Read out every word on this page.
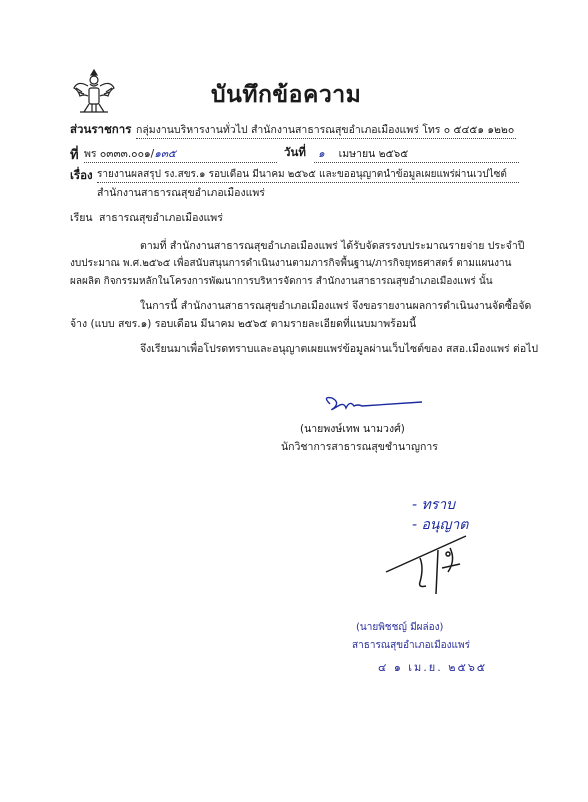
บันทึกข้อความ
ส่วนราชการ กลุ่มงานบริหารงานทั่วไป สำนักงานสาธารณสุขอำเภอเมืองแพร่ โทร ๐ ๕๔๕๑ ๑๒๒๐
ที่ พร ๐๓๓๓.๐๐๑/๑๓๕	วันที่	๑ เมษายน ๒๕๖๕
เรื่อง รายงานผลสรุป รง.สขร.๑ รอบเดือน มีนาคม ๒๕๖๕ และขออนุญาตนำข้อมูลเผยแพร่ผ่านเวปไซต์
สำนักงานสาธารณสุขอำเภอเมืองแพร่
เรียน สาธารณสุขอำเภอเมืองแพร่
ตามที่ สำนักงานสาธารณสุขอำเภอเมืองแพร่ ได้รับจัดสรรงบประมาณรายจ่าย ประจำปี
งบประมาณ พ.ศ.๒๕๖๕ เพื่อสนับสนุนการดำเนินงานตามภารกิจพื้นฐาน/ภารกิจยุทธศาสตร์ ตามแผนงาน
ผลผลิต กิจกรรมหลักในโครงการพัฒนาการบริหารจัดการ สำนักงานสาธารณสุขอำเภอเมืองแพร่ นั้น
ในการนี้ สำนักงานสาธารณสุขอำเภอเมืองแพร่ จึงขอรายงานผลการดำเนินงานจัดซื้อจัด
จ้าง (แบบ สขร.๑) รอบเดือน มีนาคม ๒๕๖๕ ตามรายละเอียดที่แนบมาพร้อมนี้
จึงเรียนมาเพื่อโปรดทราบและอนุญาตเผยแพร่ข้อมูลผ่านเว็บไซต์ของ สสอ.เมืองแพร่ ต่อไป
(นายพงษ์เทพ นามวงศ์)
นักวิชาการสาธารณสุขชำนาญการ
- ทราบ
- อนุญาต
(นายพิชชญ์ มีผล่อง)
สาธารณสุขอำเภอเมืองแพร่
๔ ๑ เม.ย. ๒๕๖๕
